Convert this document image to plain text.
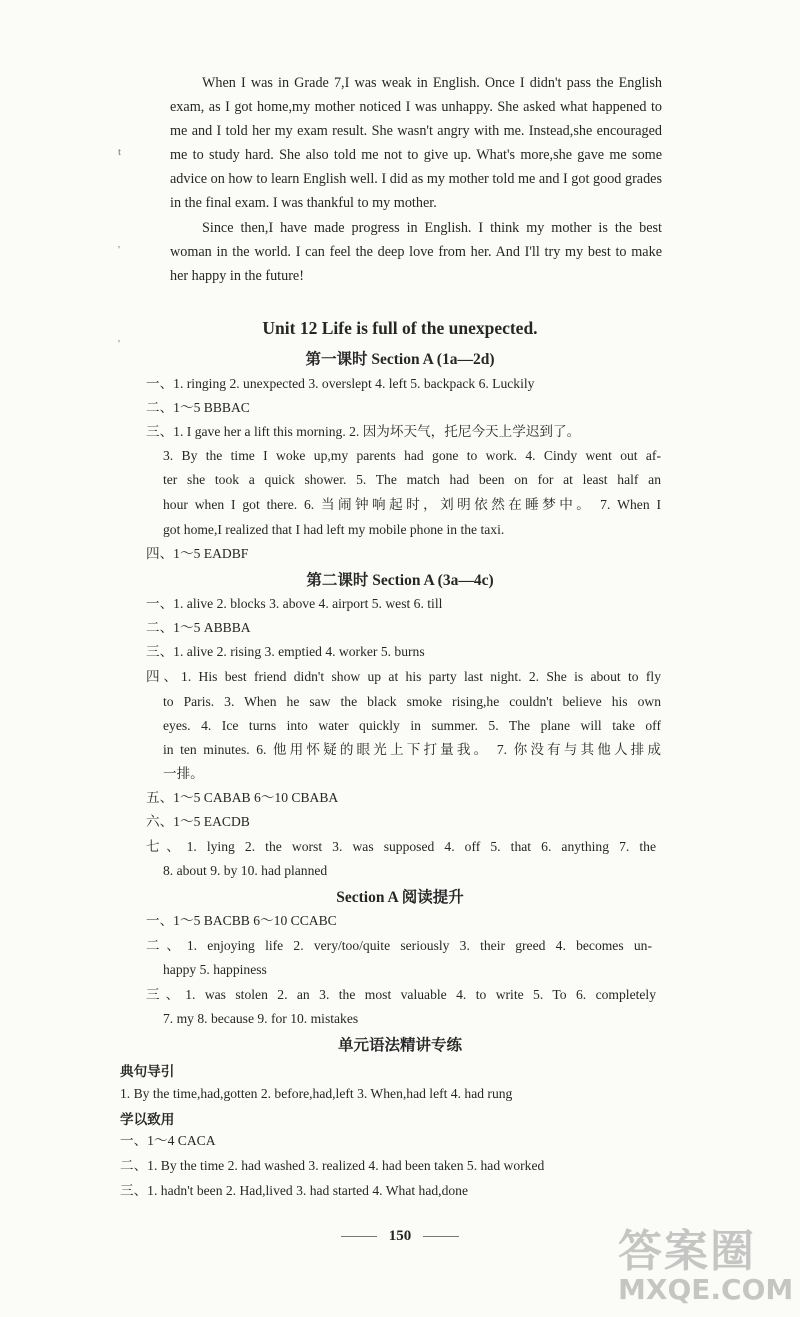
t
'
'

When I was in Grade 7,I was weak in English. Once I didn't pass the English exam, as I got home,my mother noticed I was unhappy. She asked what happened to me and I told her my exam result. She wasn't angry with me. Instead,she encouraged me to study hard. She also told me not to give up. What's more,she gave me some advice on how to learn English well. I did as my mother told me and I got good grades in the final exam. I was thankful to my mother.

Since then,I have made progress in English. I think my mother is the best woman in the world. I can feel the deep love from her. And I'll try my best to make her happy in the future!

Unit 12 Life is full of the unexpected.
第一课时 Section A (1a—2d)
一、1. ringing 2. unexpected 3. overslept 4. left 5. backpack 6. Luckily
二、1～5 BBBAC
三、1. I gave her a lift this morning. 2. 因为坏天气，托尼今天上学迟到了。
3. By the time I woke up,my parents had gone to work. 4. Cindy went out af-
ter she took a quick shower. 5. The match had been on for at least half an
hour when I got there. 6. 当闹钟响起时，刘明依然在睡梦中。 7. When I
got home,I realized that I had left my mobile phone in the taxi.
四、1～5 EADBF
第二课时 Section A (3a—4c)
一、1. alive 2. blocks 3. above 4. airport 5. west 6. till
二、1～5 ABBBA
三、1. alive 2. rising 3. emptied 4. worker 5. burns
四、1. His best friend didn't show up at his party last night. 2. She is about to fly
to Paris. 3. When he saw the black smoke rising,he couldn't believe his own
eyes. 4. Ice turns into water quickly in summer. 5. The plane will take off
in ten minutes. 6. 他用怀疑的眼光上下打量我。 7. 你没有与其他人排成
一排。
五、1～5 CABAB 6～10 CBABA
六、1～5 EACDB
七、1. lying 2. the worst 3. was supposed 4. off 5. that 6. anything 7. the
8. about 9. by 10. had planned
Section A 阅读提升
一、1～5 BACBB 6～10 CCABC
二、1. enjoying life 2. very/too/quite seriously 3. their greed 4. becomes un-
happy 5. happiness
三、1. was stolen 2. an 3. the most valuable 4. to write 5. To 6. completely
7. my 8. because 9. for 10. mistakes
单元语法精讲专练
典句导引
1. By the time,had,gotten 2. before,had,left 3. When,had left 4. had rung
学以致用
一、1～4 CACA
二、1. By the time 2. had washed 3. realized 4. had been taken 5. had worked
三、1. hadn't been 2. Had,lived 3. had started 4. What had,done
150	答案圈
MXQE.COM
